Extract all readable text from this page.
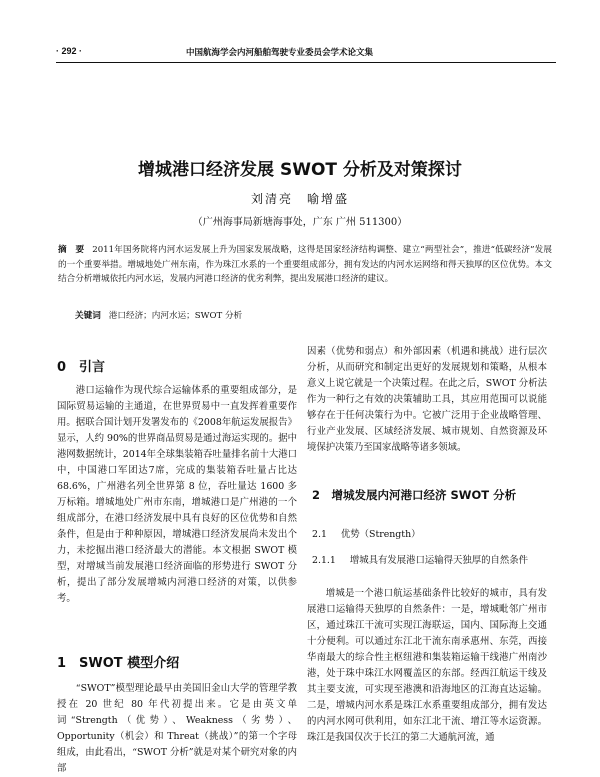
· 292 ·	中国航海学会内河船舶驾驶专业委员会学术论文集
增城港口经济发展 SWOT 分析及对策探讨
刘清亮　喻增盛
（广州海事局新塘海事处，广东 广州 511300）
摘　要 2011年国务院将内河水运发展上升为国家发展战略，这得是国家经济结构调整、建立“两型社会”，推进“低碳经济”发展的一个重要举措。增城地处广州东南，作为珠江水系的一个重要组成部分，拥有发达的内河水运网络和得天独厚的区位优势。本文结合分析增城依托内河水运，发展内河港口经济的优劣利弊，提出发展港口经济的建议。
关键词 港口经济；内河水运；SWOT 分析
0　引言

港口运输作为现代综合运输体系的重要组成部分，是国际贸易运输的主通道，在世界贸易中一直发挥着重要作用。据联合国计划开发署发布的《2008年航运发展报告》显示，人约 90%的世界商品贸易是通过海运实现的。据中港网数据统计，2014年全球集装箱吞吐量排名前十大港口中，中国港口军团达7席，完成的集装箱吞吐量占比达 68.6%，广州港名列全世界第 8 位，吞吐量达 1600 多万标箱。增城地处广州市东南，增城港口是广州港的一个组成部分，在港口经济发展中具有良好的区位优势和自然条件，但是由于种种原因，增城港口经济发展尚未发出个力，未挖掘出港口经济最大的潜能。本文根据 SWOT 模型，对增城当前发展港口经济面临的形势进行 SWOT 分析，提出了部分发展增城内河港口经济的对策，以供参考。

1　SWOT 模型介绍

“SWOT”模型理论最早由美国旧金山大学的管理学教授在 20 世纪 80 年代初提出来。它是由英文单词“Strength（优势）、Weakness（劣势）、Opportunity（机会）和 Threat（挑战）”的第一个字母组成，由此看出，“SWOT 分析”就是对某个研究对象的内部

因素（优势和弱点）和外部因素（机遇和挑战）进行层次分析，从而研究和制定出更好的发展规划和策略，从根本意义上说它就是一个决策过程。在此之后，SWOT 分析法作为一种行之有效的决策辅助工具，其应用范围可以说能够存在于任何决策行为中。它被广泛用于企业战略管理、行业产业发展、区域经济发展、城市规划、自然资源及环境保护决策乃至国家战略等诸多领域。

2　增城发展内河港口经济 SWOT 分析
2.1 优势（Strength）
2.1.1 增城具有发展港口运输得天独厚的自然条件

增城是一个港口航运基础条件比较好的城市，具有发展港口运输得天独厚的自然条件：一是，增城毗邻广州市区，通过珠江干流可实现江海联运，国内、国际海上交通十分便利。可以通过东江北干流东南承惠州、东莞，西接华南最大的综合性主枢纽港和集装箱运输干线港广州南沙港，处于珠中珠江水网覆盖区的东部。经西江航运干线及其主要支流，可实现至港澳和沿海地区的江海直达运输。二是，增城内河水系是珠江水系重要组成部分，拥有发达的内河水网可供利用，如东江北干流、增江等水运资源。珠江是我国仅次于长江的第二大通航河流，通
